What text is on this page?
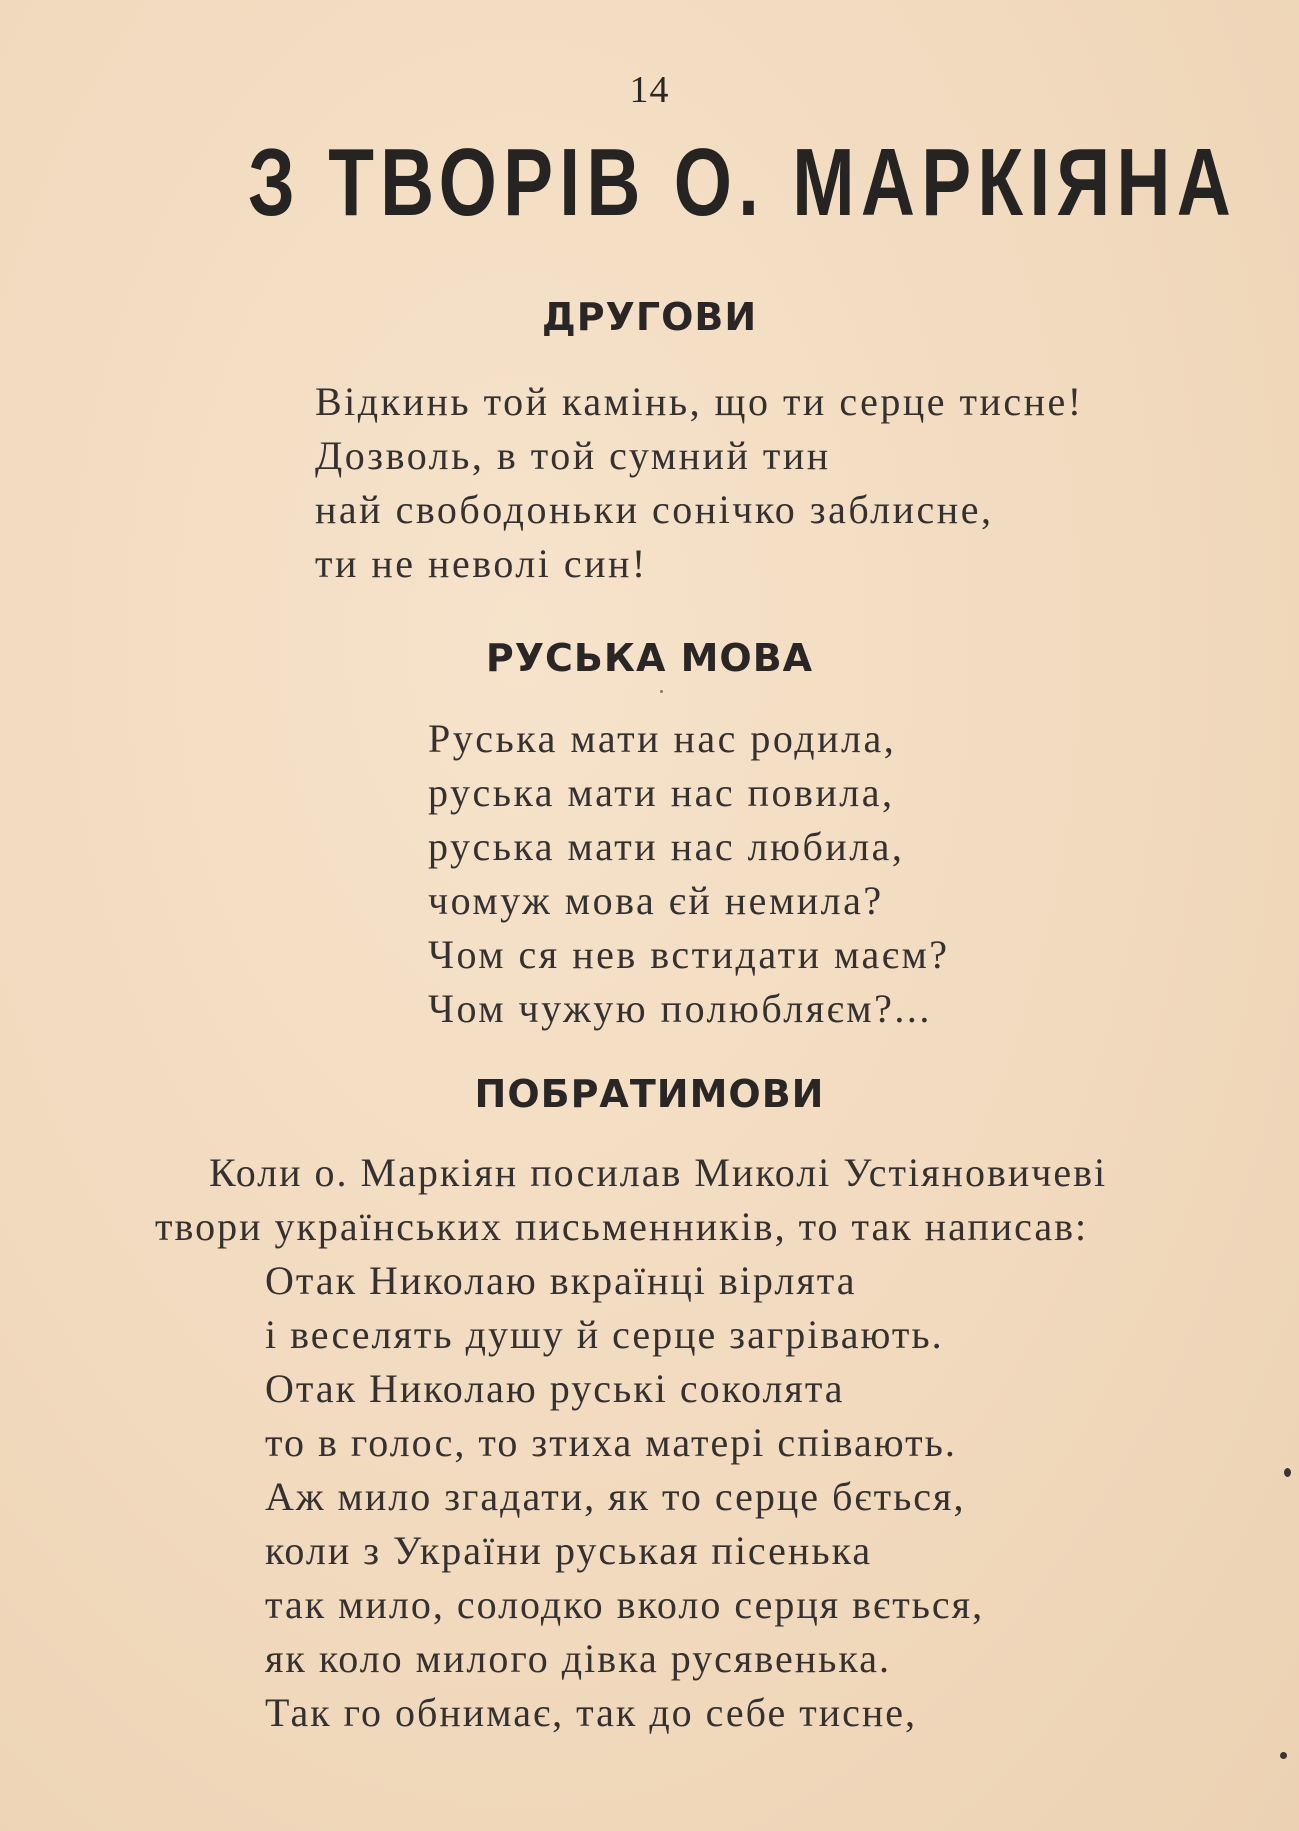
14
З ТВОРІВ О. МАРКІЯНА
ДРУГОВИ
Відкинь той камінь, що ти серце тисне!
Дозволь, в той сумний тин
най свободоньки сонічко заблисне,
ти не неволі син!
РУСЬКА МОВА
Руська мати нас родила,
руська мати нас повила,
руська мати нас любила,
чомуж мова єй немила?
Чом ся нев встидати маєм?
Чом чужую полюбляєм?...
ПОБРАТИМОВИ
Коли о. Маркіян посилав Миколі Устіяновичеві
твори українських письменників, то так написав:
Отак Николаю вкраїнці вірлята
і веселять душу й серце загрівають.
Отак Николаю руські соколята
то в голос, то зтиха матері співають.
Аж мило згадати, як то серце бється,
коли з України руськая пісенька
так мило, солодко вколо серця вється,
як коло милого дівка русявенька.
Так го обнимає, так до себе тисне,
